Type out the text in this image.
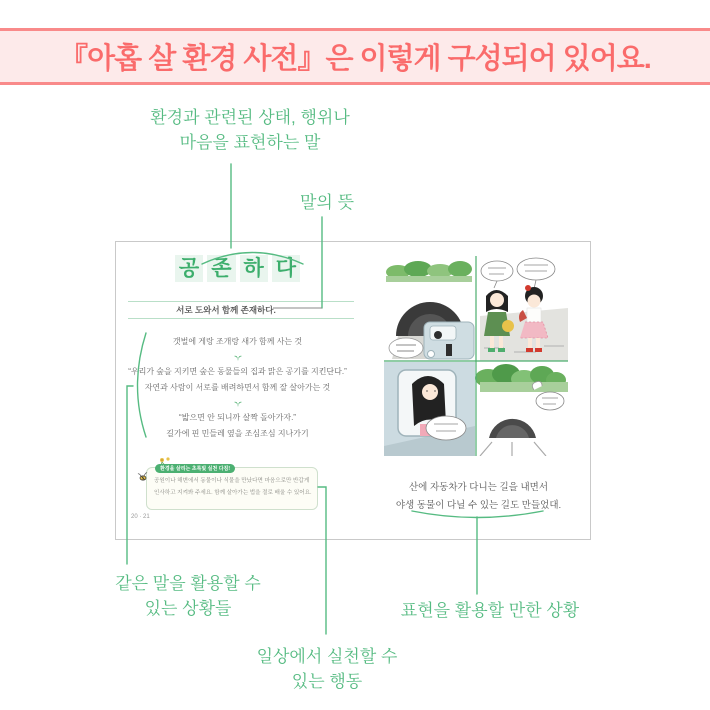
『아홉 살 환경 사전』은 이렇게 구성되어 있어요.
환경과 관련된 상태, 행위나
마음을 표현하는 말
말의 뜻
같은 말을 활용할 수
있는 상황들
일상에서 실천할 수
있는 행동
표현을 활용할 만한 상황
공 존 하 다
서로 도와서 함께 존재하다.
갯벌에 게랑 조개랑 새가 함께 사는 것
“우리가 숲을 지키면 숲은 동물들의 집과 맑은 공기를 지킨단다.”
자연과 사람이 서로를 배려하면서 함께 잘 살아가는 것
“밟으면 안 되니까 살짝 돌아가자.”
길가에 핀 민들레 옆을 조심조심 지나가기
환경을 살리는 초록빛 실천 다짐!
공원이나 해변에서 동물이나 식물을 만났다면 마음으로만 반갑게 인사하고 지켜봐 주세요. 함께 살아가는 법을 절로 배울 수 있어요.
20 · 21
산에 자동차가 다니는 길을 내면서
야생 동물이 다닐 수 있는 길도 만들었대.
